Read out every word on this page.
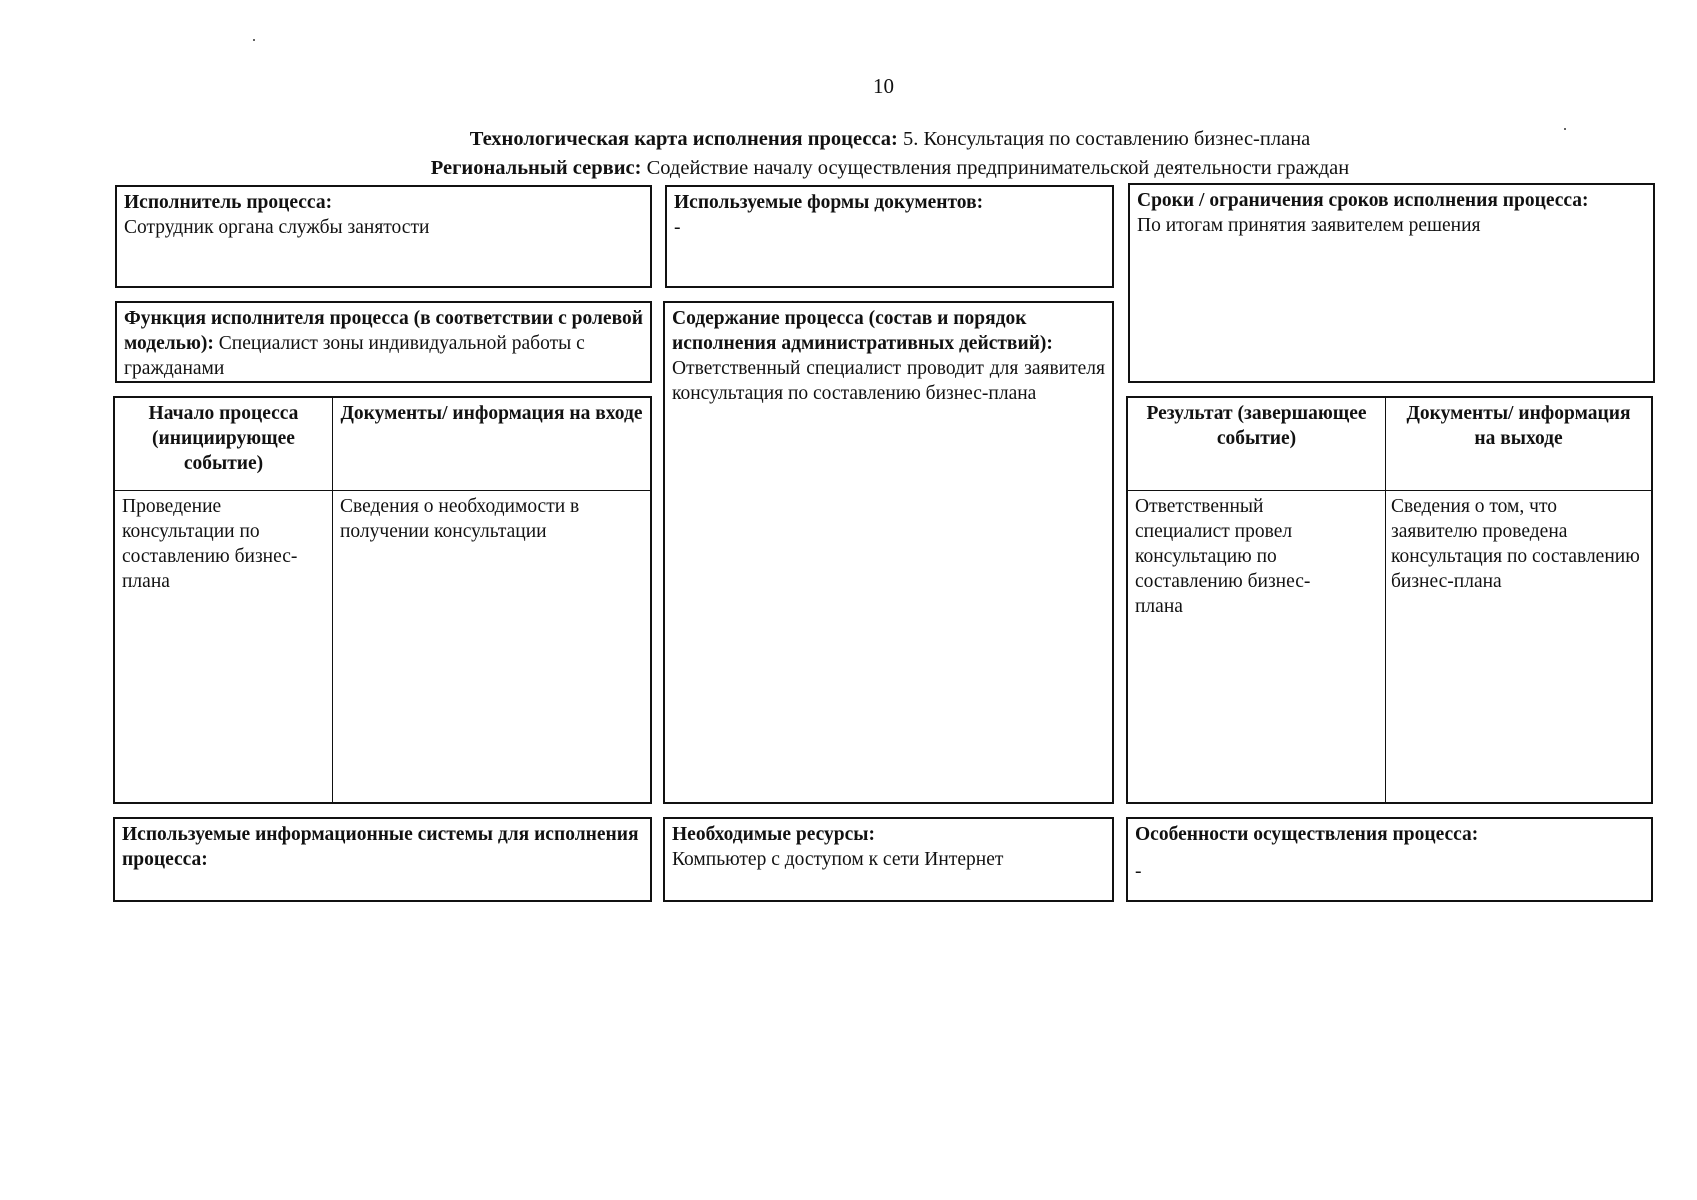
10
Технологическая карта исполнения процесса: 5. Консультация по составлению бизнес-плана
Региональный сервис: Содействие началу осуществления предпринимательской деятельности граждан
Исполнитель процесса:
Сотрудник органа службы занятости
Используемые формы документов:
-
Сроки / ограничения сроков исполнения процесса:
По итогам принятия заявителем решения
Функция исполнителя процесса (в соответствии с ролевой моделью): Специалист зоны индивидуальной работы с гражданами
Содержание процесса (состав и порядок исполнения административных действий):
Ответственный специалист проводит для заявителя консультация по составлению бизнес-плана
Начало процесса (инициирующее событие)
Документы/ информация на входе
Проведение консультации по составлению бизнес-плана
Сведения о необходимости в получении консультации
Результат (завершающее событие)
Документы/ информация на выходе
Ответственный специалист провел консультацию по составлению бизнес-плана
Сведения о том, что заявителю проведена консультация по составлению бизнес-плана
Используемые информационные системы для исполнения процесса:
Необходимые ресурсы:
Компьютер с доступом к сети Интернет
Особенности осуществления процесса:
-
